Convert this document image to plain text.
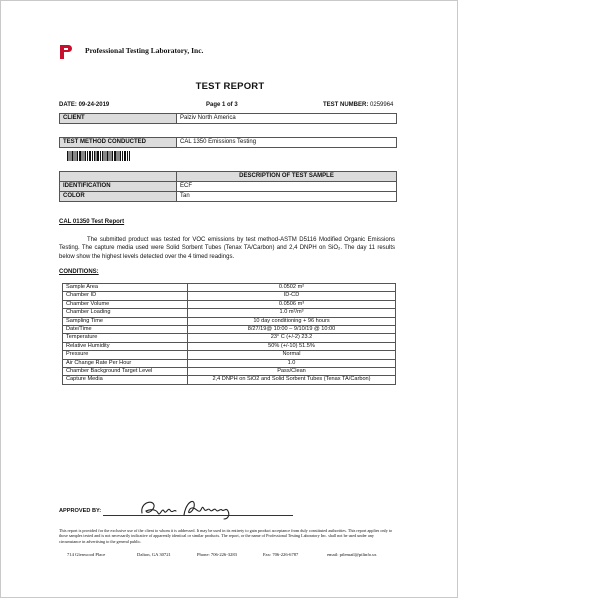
Professional Testing Laboratory, Inc.
TEST REPORT
DATE: 09-24-2019	Page 1 of 3	TEST NUMBER: 0259964
CLIENT	Palziv North America
TEST METHOD CONDUCTED	CAL 1350 Emissions Testing
	DESCRIPTION OF TEST SAMPLE
IDENTIFICATION	ECF
COLOR	Tan
CAL 01350 Test Report
The submitted product was tested for VOC emissions by test method-ASTM D5116 Modified Organic Emissions Testing. The capture media used were Solid Sorbent Tubes (Tenax TA/Carbon) and 2,4 DNPH on SiO₂. The day 11 results below show the highest levels detected over the 4 timed readings.
CONDITIONS:
Sample Area	0.0502 m²
Chamber ID	ID-CD
Chamber Volume	0.0506 m³
Chamber Loading	1.0 m²/m³
Sampling Time	10 day conditioning + 96 hours
Date/Time	8/27/19@ 10:00 – 9/10/19 @ 10:00
Temperature	23° C (+/-2) 23.2
Relative Humidity	50% (+/-10) 51.5%
Pressure	Normal
Air Change Rate Per Hour	1.0
Chamber Background Target Level	Pass/Clean
Capture Media	2,4 DNPH on SiO2 and Solid Sorbent Tubes (Tenax TA/Carbon)
APPROVED BY:
This report is provided for the exclusive use of the client to whom it is addressed. It may be used in its entirety to gain product acceptance from duly constituted authorities. This report applies only to those samples tested and is not necessarily indicative of apparently identical or similar products. The report, or the name of Professional Testing Laboratory Inc. shall not be used under any circumstance in advertising to the general public.
714 Glenwood Place	Dalton, GA 30721	Phone: 706-226-3283	Fax: 706-226-6787	email: ptlemail@ptlinfo.us
